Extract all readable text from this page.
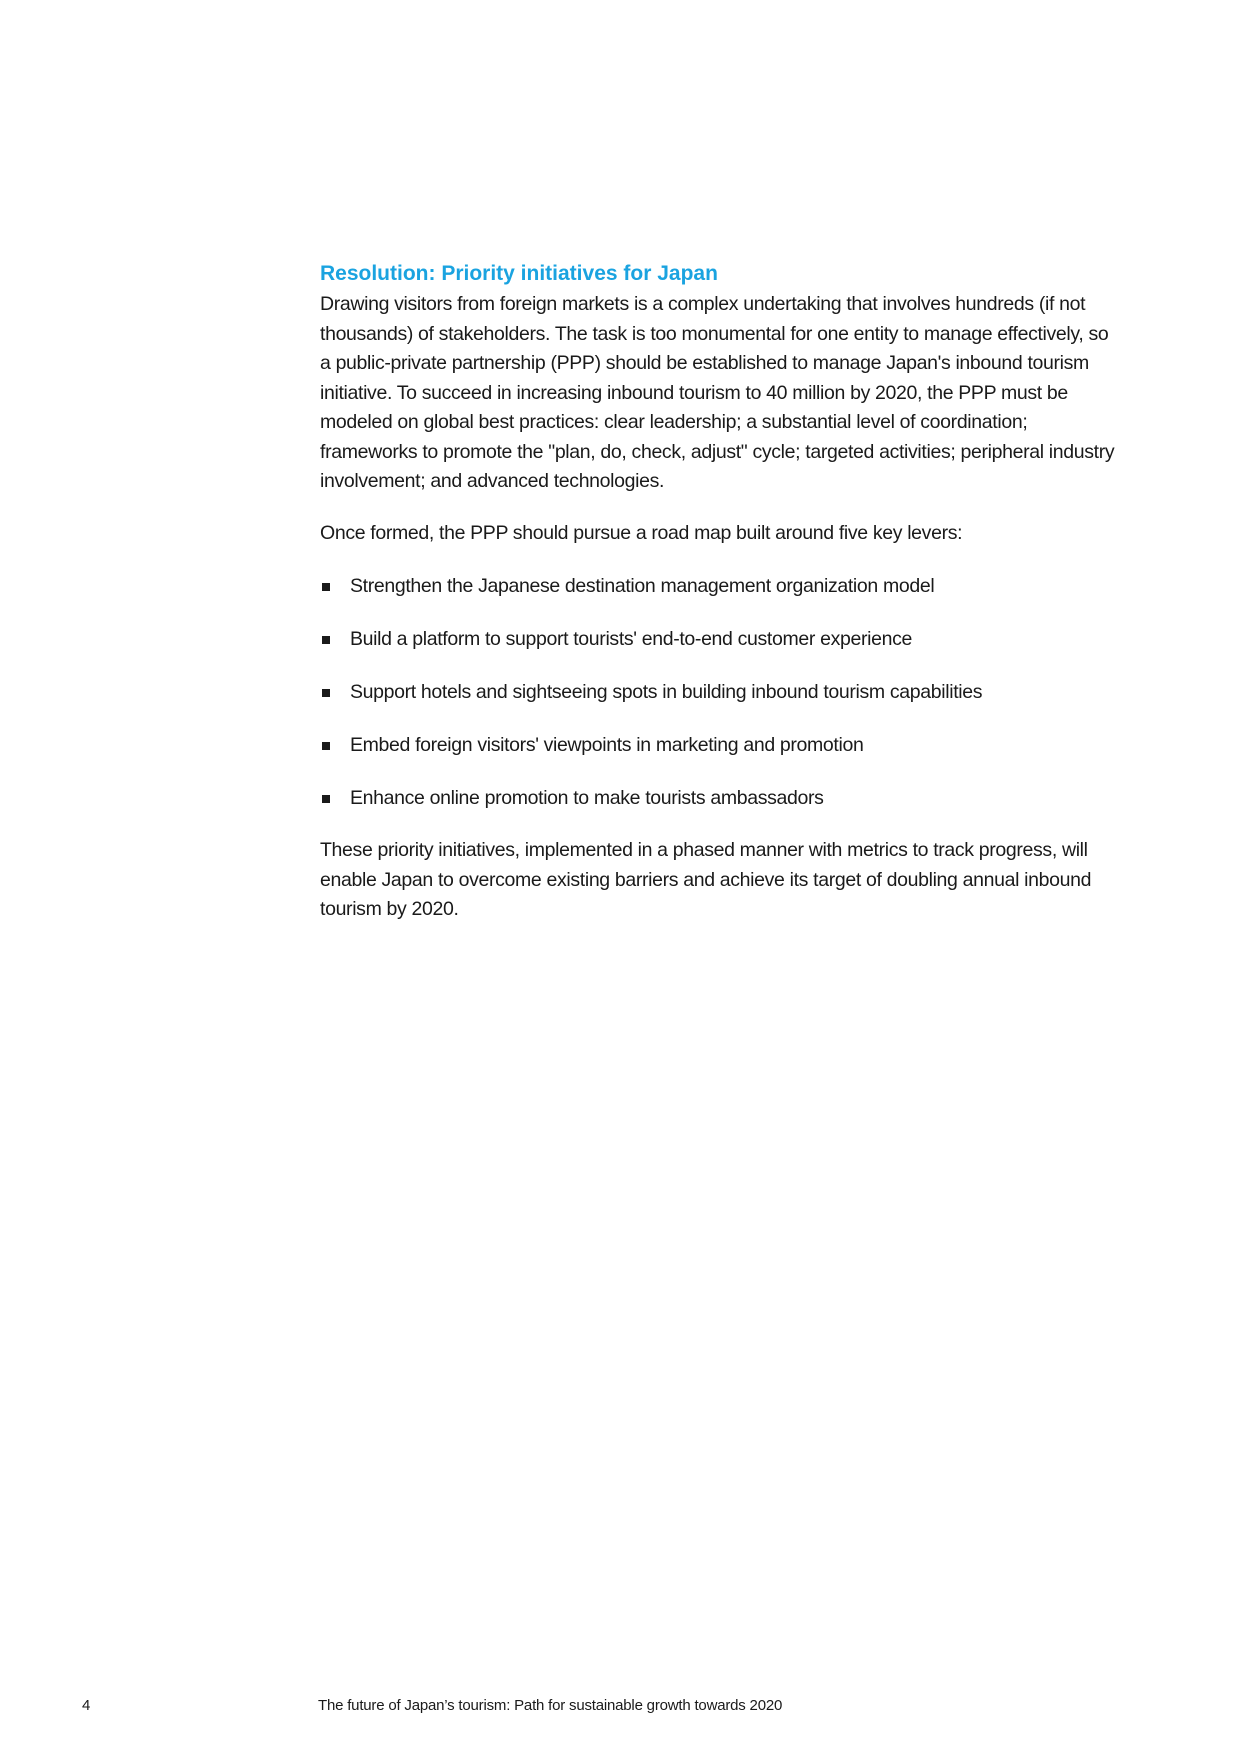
Resolution: Priority initiatives for Japan

Drawing visitors from foreign markets is a complex undertaking that involves hundreds (if not thousands) of stakeholders. The task is too monumental for one entity to manage effectively, so a public-private partnership (PPP) should be established to manage Japan's inbound tourism initiative. To succeed in increasing inbound tourism to 40 million by 2020, the PPP must be modeled on global best practices: clear leadership; a substantial level of coordination; frameworks to promote the "plan, do, check, adjust" cycle; targeted activities; peripheral industry involvement; and advanced technologies.

Once formed, the PPP should pursue a road map built around five key levers:

Strengthen the Japanese destination management organization model
Build a platform to support tourists' end-to-end customer experience
Support hotels and sightseeing spots in building inbound tourism capabilities
Embed foreign visitors' viewpoints in marketing and promotion
Enhance online promotion to make tourists ambassadors

These priority initiatives, implemented in a phased manner with metrics to track progress, will enable Japan to overcome existing barriers and achieve its target of doubling annual inbound tourism by 2020.

4	The future of Japan’s tourism: Path for sustainable growth towards 2020
